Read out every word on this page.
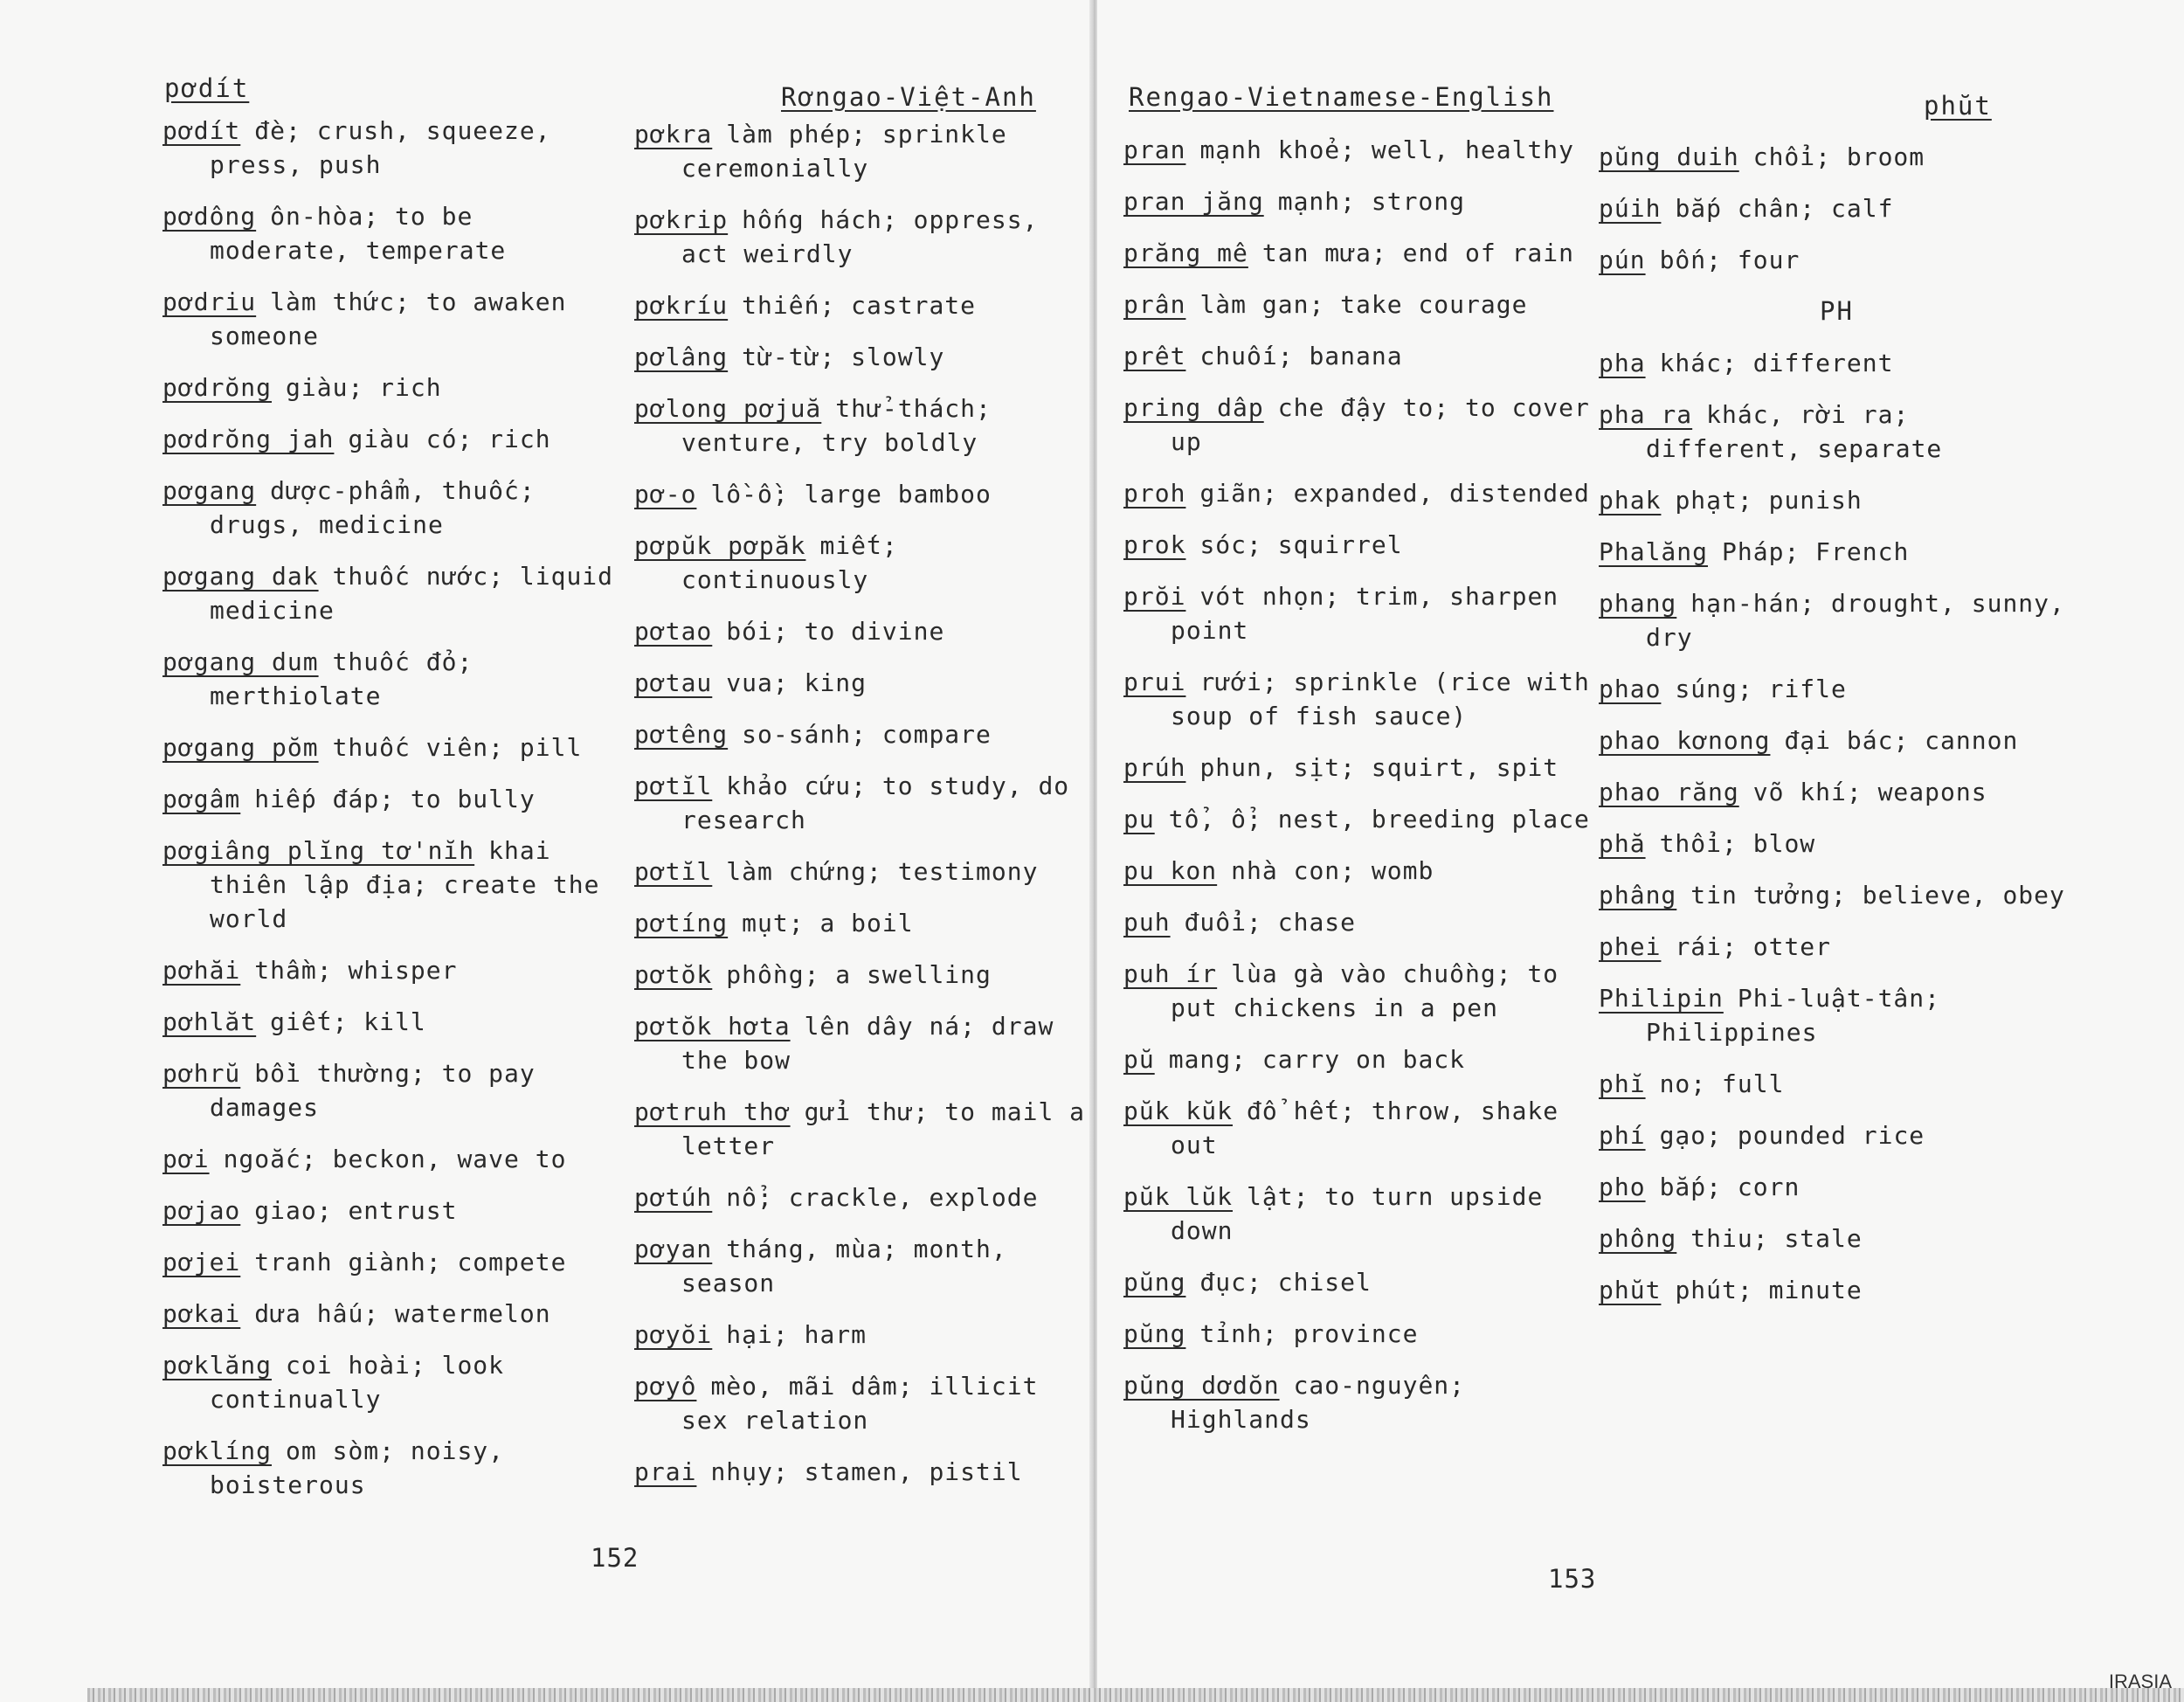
pơdít	Rơngao-Việt-Anh

pơdít đè; crush, squeeze, press, push

pơdông ôn-hòa; to be moderate, temperate

pơdriu làm thức; to awaken someone

pơdrŏng giàu; rich

pơdrŏng jah giàu có; rich

pơgang dược-phẩm, thuốc; drugs, medicine

pơgang dak thuốc nước; liquid medicine

pơgang dum thuốc đỏ; merthiolate

pơgang pŏm thuốc viên; pill

pơgâm hiếp đáp; to bully

pơgiâng plĭng tơ'nĭh khai thiên lập địa; create the world

pơhăi thầm; whisper

pơhlăt giết; kill

pơhrŭ bồi thường; to pay damages

pơi ngoắc; beckon, wave to

pơjao giao; entrust

pơjei tranh giành; compete

pơkai dưa hấu; watermelon

pơklăng coi hoài; look continually

pơklíng om sòm; noisy, boisterous

pơkra làm phép; sprinkle ceremonially

pơkrip hống hách; oppress, act weirdly

pơkríu thiến; castrate

pơlâng từ-từ; slowly

pơlong pơjuă thử-thách; venture, try boldly

pơ-o lồ-ồ; large bamboo

pơpŭk pơpăk miết; continuously

pơtao bói; to divine

pơtau vua; king

pơtêng so-sánh; compare

pơtĭl khảo cứu; to study, do research

pơtĭl làm chứng; testimony

pơtíng mụt; a boil

pơtŏk phồng; a swelling

pơtŏk hơta lên dây ná; draw the bow

pơtruh thơ gửi thư; to mail a letter

pơtúh nổ; crackle, explode

pơyan tháng, mùa; month, season

pơyŏi hại; harm

pơyô mèo, mãi dâm; illicit sex relation

prai nhụy; stamen, pistil

152
Rengao-Vietnamese-English	phŭt

pran mạnh khoẻ; well, healthy

pran jăng mạnh; strong

prăng mê tan mưa; end of rain

prân làm gan; take courage

prêt chuối; banana

pring dâp che đậy to; to cover up

proh giãn; expanded, distended

prok sóc; squirrel

prŏi vót nhọn; trim, sharpen point

prui rưới; sprinkle (rice with soup of fish sauce)

prúh phun, sịt; squirt, spit

pu tổ, ổ; nest, breeding place

pu kon nhà con; womb

puh đuổi; chase

puh ír lùa gà vào chuồng; to put chickens in a pen

pŭ mang; carry on back

pŭk kŭk đổ hết; throw, shake out

pŭk lŭk lật; to turn upside down

pŭng đục; chisel

pŭng tỉnh; province

pŭng dơdŏn cao-nguyên; Highlands

pŭng duih chổi; broom

púih bắp chân; calf

pún bốn; four

PH

pha khác; different

pha ra khác, rời ra; different, separate

phak phạt; punish

Phalăng Pháp; French

phang hạn-hán; drought, sunny, dry

phao súng; rifle

phao kơnong đại bác; cannon

phao răng võ khí; weapons

phă thổi; blow

phâng tin tưởng; believe, obey

phei rái; otter

Philipin Phi-luật-tân; Philippines

phĭ no; full

phí gạo; pounded rice

pho bắp; corn

phông thiu; stale

phŭt phút; minute

153
IRASIA
